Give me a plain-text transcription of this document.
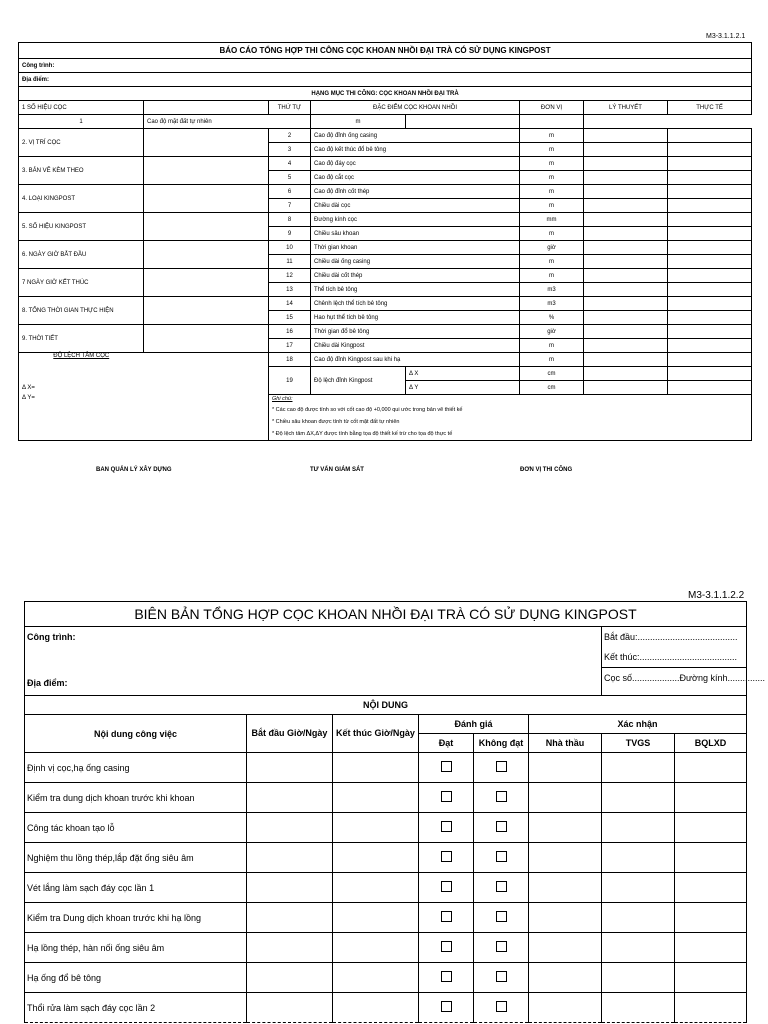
M3-3.1.1.2.1
BÁO CÁO TỔNG HỢP THI CÔNG CỌC KHOAN NHỒI ĐẠI TRÀ CÓ SỬ DỤNG KINGPOST							
Công trình:							
Địa điểm:							
HẠNG MỤC THI CÔNG: CỌC KHOAN NHỒI ĐẠI TRÀ							
1 SỐ HIỆU CỌC		THỨ TỰ	ĐẶC ĐIỂM CỌC KHOAN NHỒI		ĐƠN VỊ	LÝ THUYẾT	THỰC TẾ
1	Cao độ mặt đất tự nhiên		m				
2. VỊ TRÍ CỌC		2	Cao độ đỉnh ống casing		m		
		3	Cao độ kết thúc đổ bê tông		m		
3. BẢN VẼ KÈM THEO		4	Cao độ đáy cọc		m		
		5	Cao độ cắt cọc		m		
4. LOẠI KINGPOST		6	Cao độ đỉnh cốt thép		m		
		7	Chiều dài cọc		m		
5. SỐ HIỆU KINGPOST		8	Đường kính cọc		mm		
		9	Chiều sâu khoan		m		
6. NGÀY GIỜ BẮT ĐẦU		10	Thời gian khoan		giờ		
		11	Chiều dài ống casing		m		
7 NGÀY GIỜ KẾT THÚC		12	Chiều dài cốt thép		m		
		13	Thể tích bê tông		m3		
8. TỔNG THỜI GIAN THỰC HIỆN		14	Chênh lệch thể tích bê tông		m3		
		15	Hao hụt thể tích bê tông		%		
9. THỜI TIẾT		16	Thời gian đổ bê tông		giờ		
		17	Chiều dài Kingpost		m		
ĐỘ LỆCH TÂM CỌC		18	Cao độ đỉnh Kingpost sau khi hạ		m		
		19	Độ lệch đỉnh Kingpost	Δ X	cm		
Δ X=				Δ Y	cm		
Δ Y=		Ghi chú:
* Các cao độ được tính so với cốt cao độ +0,000 qui ước trong bản vẽ thiết kế
* Chiều sâu khoan được tính từ cốt mặt đất tự nhiên
* Độ lệch tâm ΔX,ΔY được tính bằng tọa độ thiết kế trừ cho tọa độ thực tế					
BAN QUẢN LÝ XÂY DỰNG	TƯ VẤN GIÁM SÁT	ĐƠN VỊ THI CÔNG
M3-3.1.1.2.2
BIÊN BẢN TỔNG HỢP CỌC KHOAN NHỒI ĐẠI TRÀ CÓ SỬ DỤNG KINGPOST							

Công trình:
Địa điểm:						Bắt đầu:........................................
Kết thúc:.......................................
Cọc số...................Đường kính...............	

NỘI DUNG							
Nội dung công việc	Bắt đầu Giờ/Ngày	Kết thúc Giờ/Ngày	Đánh giá		Xác nhận		
			Đạt	Không đạt	Nhà thầu	TVGS	BQLXD
Định vị cọc,hạ ống casing							
Kiểm tra dung dịch khoan trước khi khoan							
Công tác khoan tạo lỗ							
Nghiệm thu lồng thép,lắp đặt ống siêu âm							
Vét lắng làm sạch đáy cọc lần 1							
Kiểm tra Dung dịch khoan trước khi hạ lồng							
Hạ lồng thép, hàn nối ống siêu âm							
Hạ ống đổ bê tông							
Thổi rửa làm sạch đáy cọc lần 2							
